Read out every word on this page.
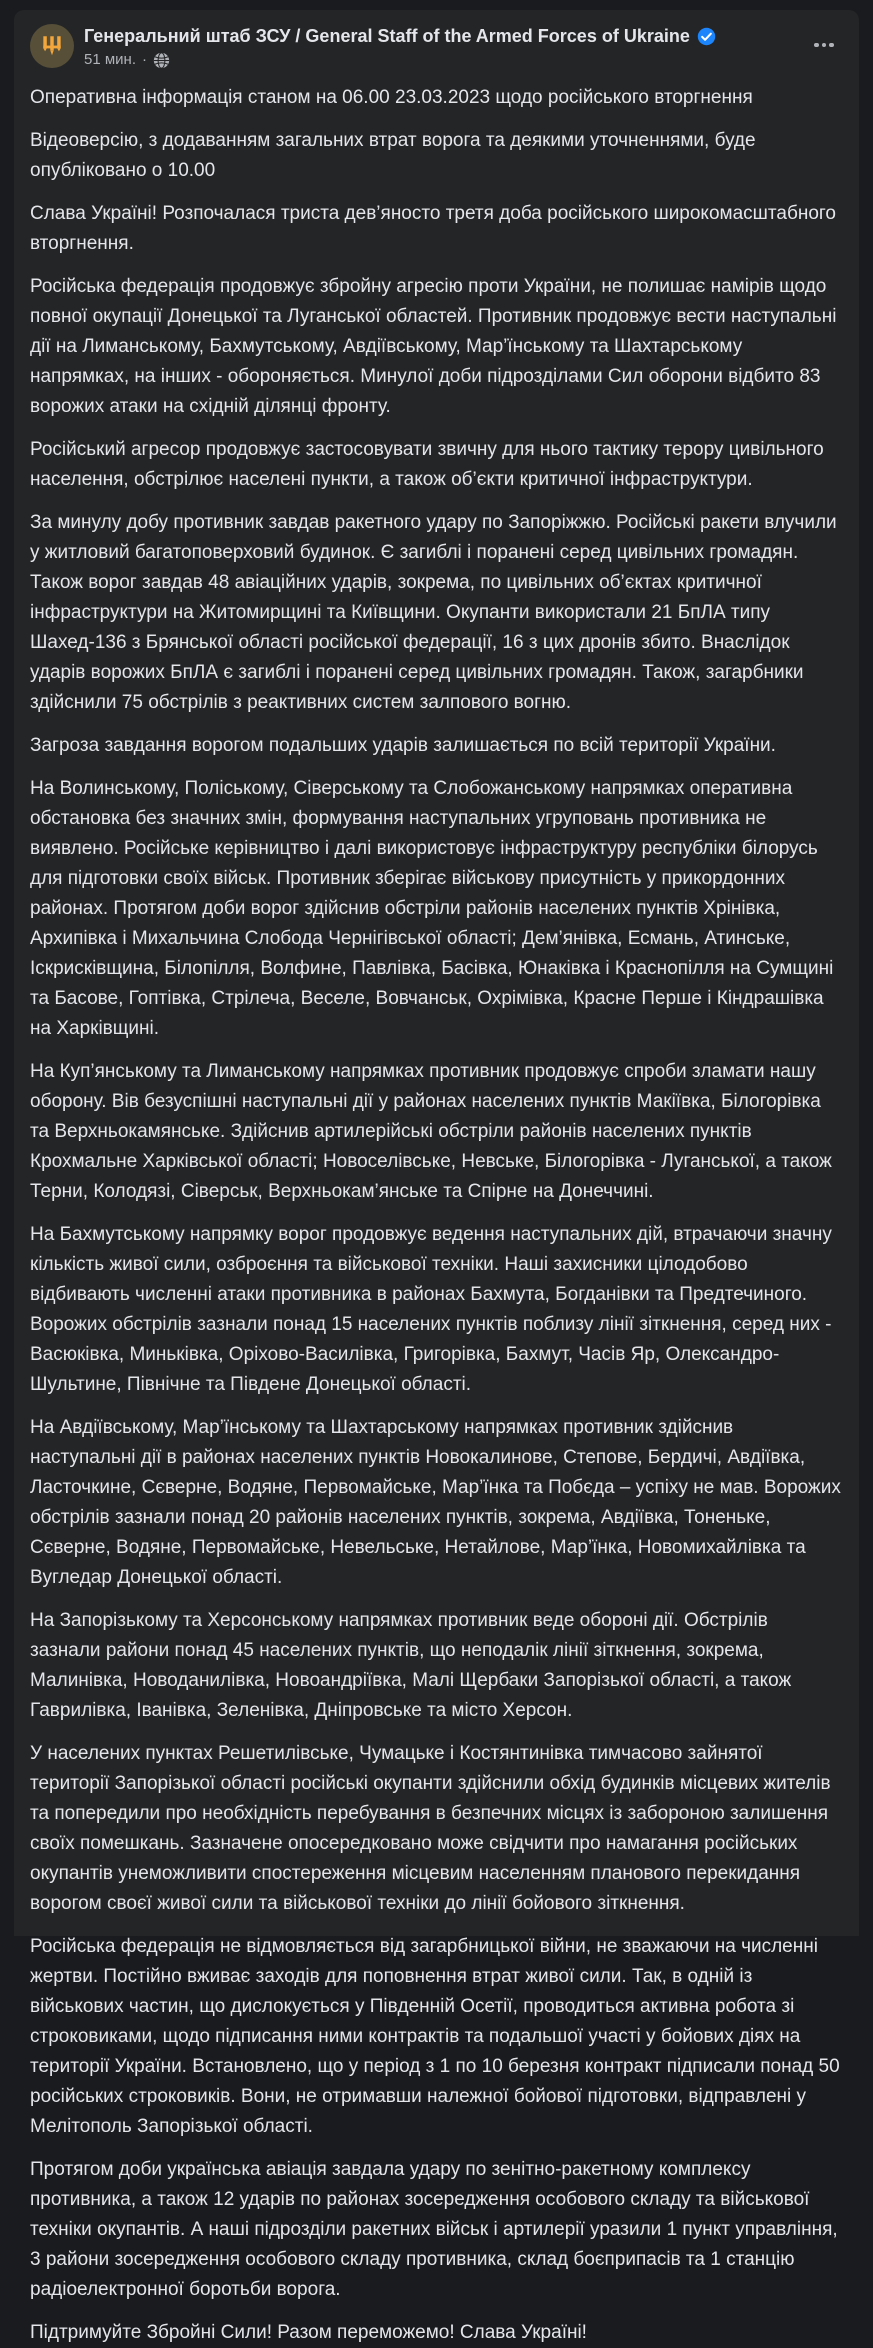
Генеральний штаб ЗСУ / General Staff of the Armed Forces of Ukraine
51 мин. ·

Оперативна інформація станом на 06.00 23.03.2023 щодо російського вторгнення

Відеоверсію, з додаванням загальних втрат ворога та деякими уточненнями, буде опубліковано о 10.00

Слава Україні! Розпочалася триста дев’яносто третя доба російського широкомасштабного вторгнення.

Російська федерація продовжує збройну агресію проти України, не полишає намірів щодо повної окупації Донецької та Луганської областей. Противник продовжує вести наступальні дії на Лиманському, Бахмутському, Авдіївському, Мар’їнському та Шахтарському напрямках, на інших - обороняється. Минулої доби підрозділами Сил оборони відбито 83 ворожих атаки на східній ділянці фронту.

Російський агресор продовжує застосовувати звичну для нього тактику терору цивільного населення, обстрілює населені пункти, а також об’єкти критичної інфраструктури.

За минулу добу противник завдав ракетного удару по Запоріжжю. Російські ракети влучили у житловий багатоповерховий будинок. Є загиблі і поранені серед цивільних громадян. Також ворог завдав 48 авіаційних ударів, зокрема, по цивільних об’єктах критичної інфраструктури на Житомирщині та Київщини. Окупанти використали 21 БпЛА типу Шахед-136 з Брянської області російської федерації, 16 з цих дронів збито. Внаслідок ударів ворожих БпЛА є загиблі і поранені серед цивільних громадян. Також, загарбники здійснили 75 обстрілів з реактивних систем залпового вогню.

Загроза завдання ворогом подальших ударів залишається по всій території України.

На Волинському, Поліському, Сіверському та Слобожанському напрямках оперативна обстановка без значних змін, формування наступальних угруповань противника не виявлено. Російське керівництво і далі використовує інфраструктуру республіки білорусь для підготовки своїх військ. Противник зберігає військову присутність у прикордонних районах. Протягом доби ворог здійснив обстріли районів населених пунктів Хрінівка, Архипівка і Михальчина Слобода Чернігівської області; Дем’янівка, Есмань, Атинське, Іскрисківщина, Білопілля, Волфине, Павлівка, Басівка, Юнаківка і Краснопілля на Сумщині та Басове, Гоптівка, Стрілеча, Веселе, Вовчанськ, Охрімівка, Красне Перше і Кіндрашівка на Харківщині.

На Куп’янському та Лиманському напрямках противник продовжує спроби зламати нашу оборону. Вів безуспішні наступальні дії у районах населених пунктів Макіївка, Білогорівка та Верхньокамянське. Здійснив артилерійські обстріли районів населених пунктів Крохмальне Харківської області; Новоселівське, Невське, Білогорівка - Луганської, а також Терни, Колодязі, Сіверськ, Верхньокам’янське та Спірне на Донеччині.

На Бахмутському напрямку ворог продовжує ведення наступальних дій, втрачаючи значну кількість живої сили, озброєння та військової техніки. Наші захисники цілодобово відбивають численні атаки противника в районах Бахмута, Богданівки та Предтечиного. Ворожих обстрілів зазнали понад 15 населених пунктів поблизу лінії зіткнення, серед них - Васюківка, Миньківка, Оріхово-Василівка, Григорівка, Бахмут, Часів Яр, Олександро-Шультине, Північне та Південе Донецької області.

На Авдіївському, Мар’їнському та Шахтарському напрямках противник здійснив наступальні дії в районах населених пунктів Новокалинове, Степове, Бердичі, Авдіївка, Ласточкине, Сєверне, Водяне, Первомайське, Мар’їнка та Побєда – успіху не мав. Ворожих обстрілів зазнали понад 20 районів населених пунктів, зокрема, Авдіївка, Тоненьке, Сєверне, Водяне, Первомайське, Невельське, Нетайлове, Мар’їнка, Новомихайлівка та Вугледар Донецької області.

На Запорізькому та Херсонському напрямках противник веде обороні дії. Обстрілів зазнали райони понад 45 населених пунктів, що неподалік лінії зіткнення, зокрема, Малинівка, Новоданилівка, Новоандріївка, Малі Щербаки Запорізької області, а також Гаврилівка, Іванівка, Зеленівка, Дніпровське та місто Херсон.

У населених пунктах Решетилівське, Чумацьке і Костянтинівка тимчасово зайнятої території Запорізької області російські окупанти здійснили обхід будинків місцевих жителів та попередили про необхідність перебування в безпечних місцях із забороною залишення своїх помешкань. Зазначене опосередковано може свідчити про намагання російських окупантів унеможливити спостереження місцевим населенням планового перекидання ворогом своєї живої сили та військової техніки до лінії бойового зіткнення.

Російська федерація не відмовляється від загарбницької війни, не зважаючи на численні жертви. Постійно вживає заходів для поповнення втрат живої сили. Так, в одній із військових частин, що дислокується у Південній Осетії, проводиться активна робота зі строковиками, щодо підписання ними контрактів та подальшої участі у бойових діях на території України. Встановлено, що у період з 1 по 10 березня контракт підписали понад 50 російських строковиків. Вони, не отримавши належної бойової підготовки, відправлені у Мелітополь Запорізької області.

Протягом доби українська авіація завдала удару по зенітно-ракетному комплексу противника, а також 12 ударів по районах зосередження особового складу та військової техніки окупантів. А наші підрозділи ракетних військ і артилерії уразили 1 пункт управління, 3 райони зосередження особового складу противника, склад боєприпасів та 1 станцію радіоелектронної боротьби ворога.

Підтримуйте Збройні Сили! Разом переможемо! Слава Україні!
